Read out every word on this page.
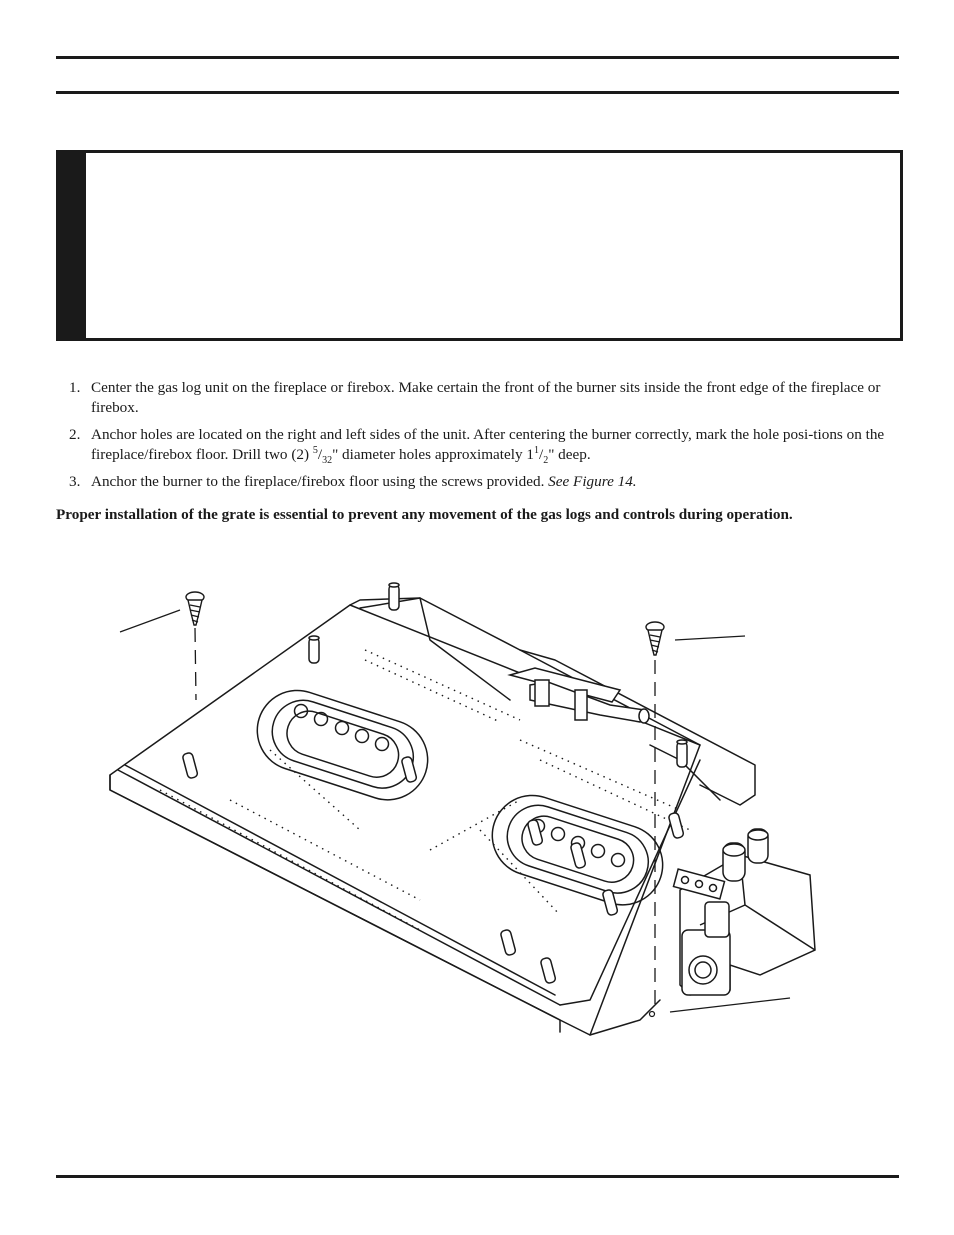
1. Center the gas log unit on the fireplace or firebox. Make certain the front of the burner sits inside the front edge of the fireplace or firebox.
2. Anchor holes are located on the right and left sides of the unit. After centering the burner correctly, mark the hole posi-tions on the fireplace/firebox floor. Drill two (2) $^5/_{32}$" diameter holes approximately $1^1/_2$" deep.
3. Anchor the burner to the fireplace/firebox floor using the screws provided. See Figure 14.
Proper installation of the grate is essential to prevent any movement of the gas logs and controls during operation.
